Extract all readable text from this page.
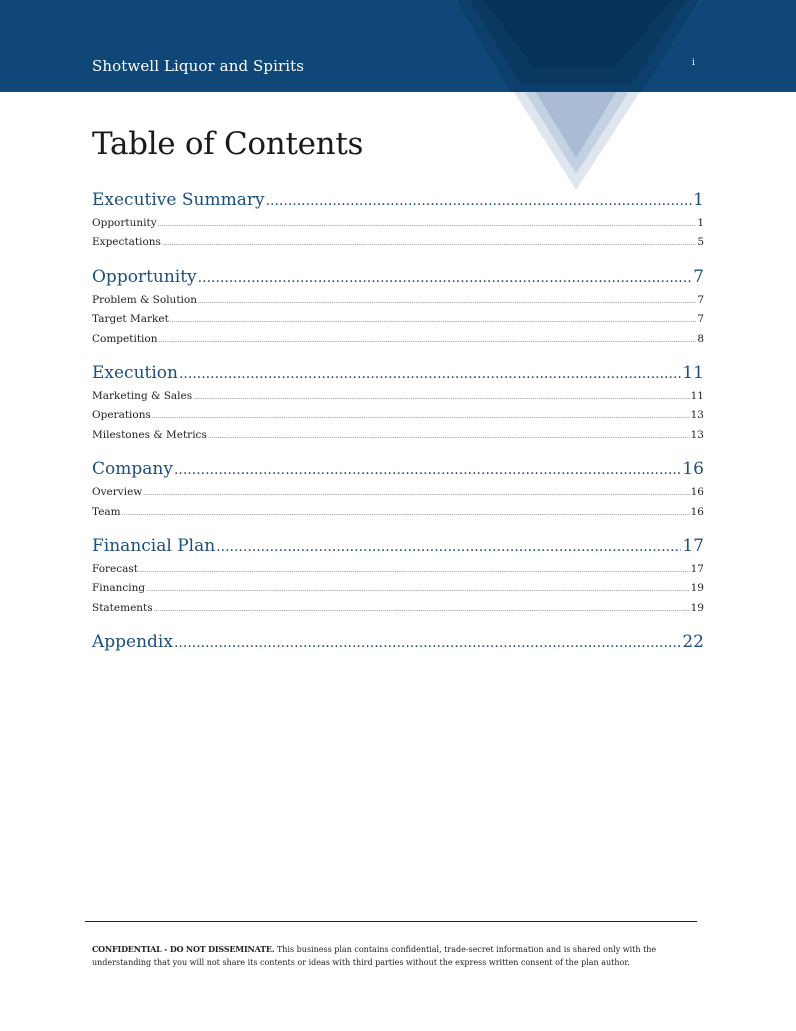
Shotwell Liquor and Spirits	i
Table of Contents
Executive Summary .....	1
Opportunity .....	1
Expectations .....	5
Opportunity .....	7
Problem & Solution .....	7
Target Market .....	7
Competition .....	8
Execution .....	11
Marketing & Sales .....	11
Operations .....	13
Milestones & Metrics .....	13
Company .....	16
Overview .....	16
Team .....	16
Financial Plan .....	17
Forecast .....	17
Financing .....	19
Statements .....	19
Appendix .....	22
CONFIDENTIAL - DO NOT DISSEMINATE. This business plan contains confidential, trade-secret information and is shared only with the understanding that you will not share its contents or ideas with third parties without the express written consent of the plan author.
